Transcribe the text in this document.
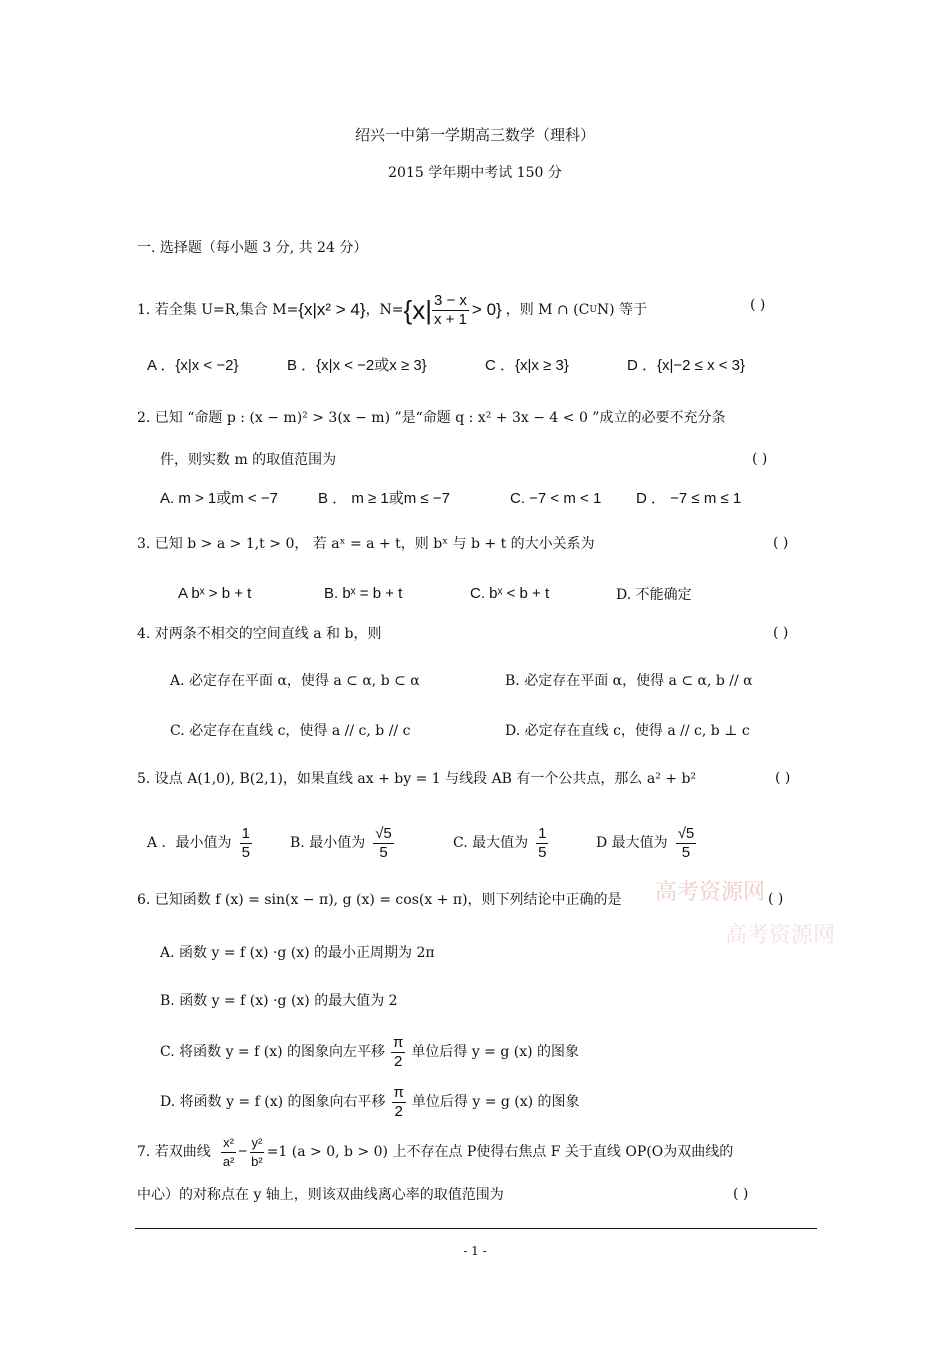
绍兴一中第一学期高三数学（理科）
2015 学年期中考试 150 分
一. 选择题（每小题 3 分, 共 24 分）
1. 若全集 U=R,集合 M= {x|x² > 4} ，$N= \{x| \frac{3 - x}{x + 1} > 0\}$ ，则 M ∩ (C U N) 等于	( )
A ．{x|x < −2}	B ．{x|x < −2或x ≥ 3}	C ．{x|x ≥ 3}	D ．{x|−2 ≤ x < 3}
2. 已知 “命题 p : (x − m)² > 3(x − m) ”是“命题 q : x² + 3x − 4 < 0 ”成立的必要不充分条
件，则实数 m 的取值范围为	( )
A. m > 1或m < −7	B ． m ≥ 1或m ≤ −7	C. −7 < m < 1 D ． −7 ≤ m ≤ 1
3. 已知 b > a > 1,t > 0， 若 aˣ = a + t，则 bˣ 与 b + t 的大小关系为	( )
A bˣ > b + t	B. bˣ = b + t	C. bˣ < b + t	D. 不能确定
4. 对两条不相交的空间直线 a 和 b，则	( )
A. 必定存在平面 α，使得 a ⊂ α, b ⊂ α	B. 必定存在平面 α，使得 a ⊂ α, b // α
C. 必定存在直线 c，使得 a // c, b // c	D. 必定存在直线 c，使得 a // c, b ⊥ c
5. 设点 A(1,0), B(2,1)，如果直线 ax + by = 1 与线段 AB 有一个公共点，那么 a² + b²	( )
A ．最小值为 $\frac{1}{5}$	B. 最小值为 $\frac{√5}{5}$	C. 最大值为 $\frac{1}{5}$	D 最大值为 $\frac{√5}{5}$
高考资源网
高考资源网
6. 已知函数 f (x) = sin(x − π), g (x) = cos(x + π)，则下列结论中正确的是	( )
A. 函数 y = f (x) ·g (x) 的最小正周期为 2π
B. 函数 y = f (x) ·g (x) 的最大值为 2
C. 将函数 y = f (x) 的图象向左平移 $\frac{\pi}{2}$ 单位后得 y = g (x) 的图象
D. 将函数 y = f (x) 的图象向右平移 $\frac{\pi}{2}$ 单位后得 y = g (x) 的图象
7. 若双曲线 $\frac{\text{x²}}{\text{a²}} - \frac{\text{y²}}{\text{b²}} =1$ (a > 0, b > 0) 上不存在点 P使得右焦点 F 关于直线 OP(O为双曲线的
中心）的对称点在 y 轴上，则该双曲线离心率的取值范围为	( )
- 1 -
